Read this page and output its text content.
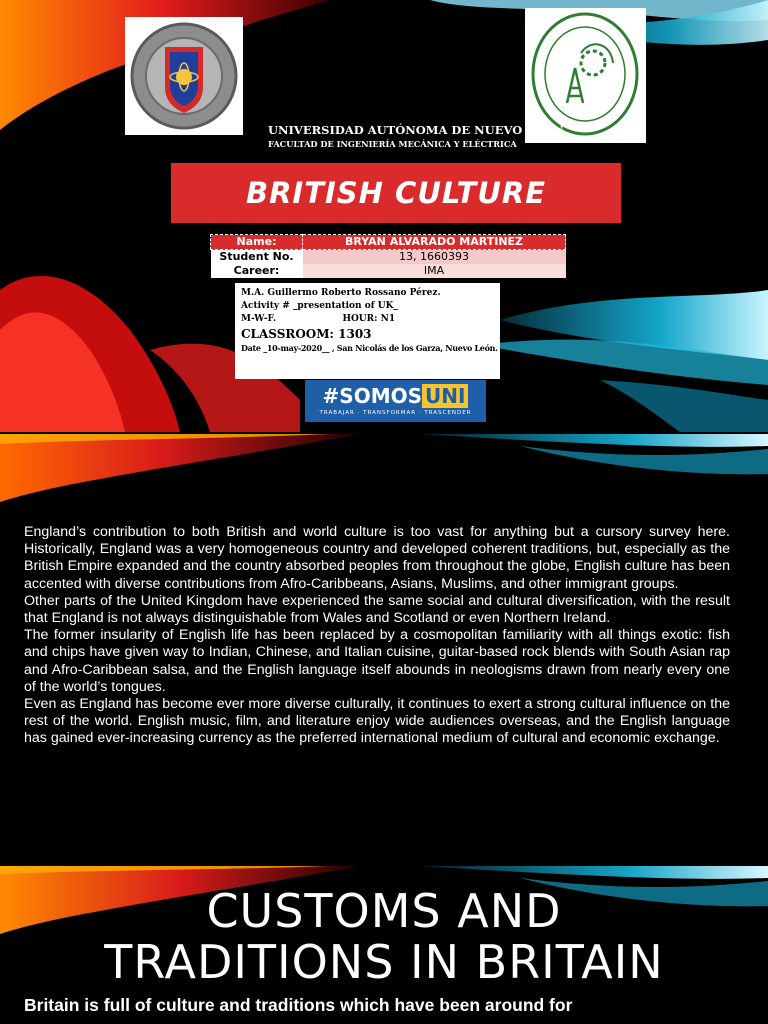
UNIVERSIDAD AUTÓNOMA DE NUEVO LEÓN
FACULTAD DE INGENIERÍA MECÁNICA Y ELÉCTRICA
BRITISH CULTURE
Name:	BRYAN ALVARADO MARTINEZ
Student No.	13, 1660393
Career:	IMA
M.A. Guillermo Roberto Rossano Pérez.
Activity # _presentation of UK_
M-W-F.	HOUR: N1
CLASSROOM: 1303
Date _10-may-2020__ , San Nicolás de los Garza, Nuevo León.
#SOMOS UNI
TRABAJAR · TRANSFORMAR · TRASCENDER

England’s contribution to both British and world culture is too vast for anything but a cursory survey here. Historically, England was a very homogeneous country and developed coherent traditions, but, especially as the British Empire expanded and the country absorbed peoples from throughout the globe, English culture has been accented with diverse contributions from Afro-Caribbeans, Asians, Muslims, and other immigrant groups.

Other parts of the United Kingdom have experienced the same social and cultural diversification, with the result that England is not always distinguishable from Wales and Scotland or even Northern Ireland.

The former insularity of English life has been replaced by a cosmopolitan familiarity with all things exotic: fish and chips have given way to Indian, Chinese, and Italian cuisine, guitar-based rock blends with South Asian rap and Afro-Caribbean salsa, and the English language itself abounds in neologisms drawn from nearly every one of the world’s tongues.

Even as England has become ever more diverse culturally, it continues to exert a strong cultural influence on the rest of the world. English music, film, and literature enjoy wide audiences overseas, and the English language has gained ever-increasing currency as the preferred international medium of cultural and economic exchange.

CUSTOMS AND
TRADITIONS IN BRITAIN
Britain is full of culture and traditions which have been around for
